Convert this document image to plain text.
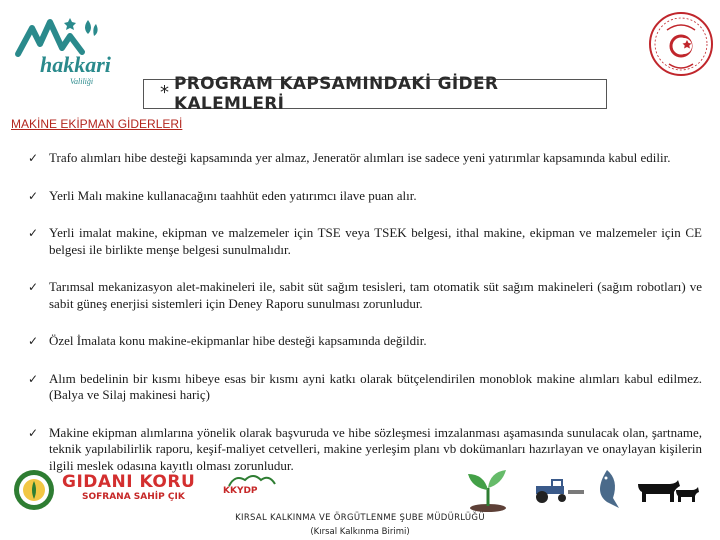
hakkari
Valiliği
* PROGRAM KAPSAMINDAKİ GİDER KALEMLERİ
MAKİNE EKİPMAN GİDERLERİ
✓ Trafo alımları hibe desteği kapsamında yer almaz, Jeneratör alımları ise sadece yeni yatırımlar kapsamında kabul edilir.
✓ Yerli Malı makine kullanacağını taahhüt eden yatırımcı ilave puan alır.
✓ Yerli imalat makine, ekipman ve malzemeler için TSE veya TSEK belgesi, ithal makine, ekipman ve malzemeler için CE belgesi ile birlikte menşe belgesi sunulmalıdır.
✓ Tarımsal mekanizasyon alet-makineleri ile, sabit süt sağım tesisleri, tam otomatik süt sağım makineleri (sağım robotları) ve sabit güneş enerjisi sistemleri için Deney Raporu sunulması zorunludur.
✓ Özel İmalata konu makine-ekipmanlar hibe desteği kapsamında değildir.
✓ Alım bedelinin bir kısmı hibeye esas bir kısmı ayni katkı olarak bütçelendirilen monoblok makine alımları kabul edilmez. (Balya ve Silaj makinesi hariç)
✓ Makine ekipman alımlarına yönelik olarak başvuruda ve hibe sözleşmesi imzalanması aşamasında sunulacak olan, şartname, teknik yapılabilirlik raporu, keşif-maliyet cetvelleri, makine yerleşim planı vb dokümanları hazırlayan ve onaylayan kişilerin ilgili meslek odasına kayıtlı olması zorunludur.
GIDANI KORU
SOFRANA SAHİP ÇIK
KKYDP
KIRSAL KALKINMA VE ÖRGÜTLENME ŞUBE MÜDÜRLÜĞÜ
(Kırsal Kalkınma Birimi)
